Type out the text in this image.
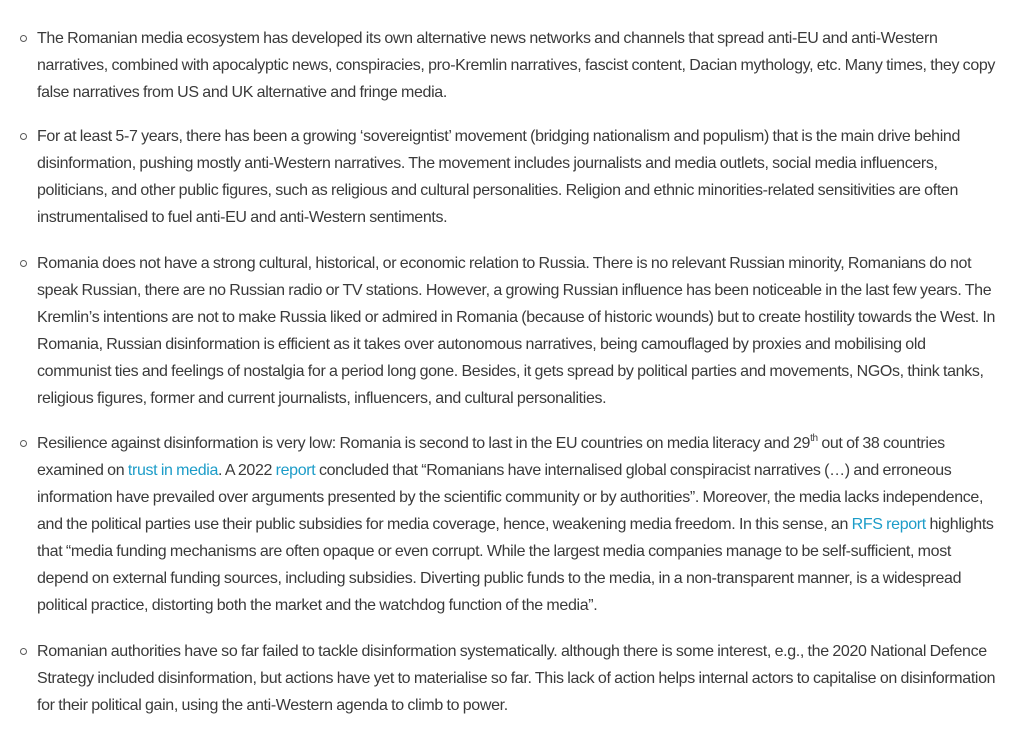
The Romanian media ecosystem has developed its own alternative news networks and channels that spread anti-EU and anti-Western narratives, combined with apocalyptic news, conspiracies, pro-Kremlin narratives, fascist content, Dacian mythology, etc. Many times, they copy false narratives from US and UK alternative and fringe media.
For at least 5-7 years, there has been a growing ‘sovereigntist’ movement (bridging nationalism and populism) that is the main drive behind disinformation, pushing mostly anti-Western narratives. The movement includes journalists and media outlets, social media influencers, politicians, and other public figures, such as religious and cultural personalities. Religion and ethnic minorities-related sensitivities are often instrumentalised to fuel anti-EU and anti-Western sentiments.
Romania does not have a strong cultural, historical, or economic relation to Russia. There is no relevant Russian minority, Romanians do not speak Russian, there are no Russian radio or TV stations. However, a growing Russian influence has been noticeable in the last few years. The Kremlin’s intentions are not to make Russia liked or admired in Romania (because of historic wounds) but to create hostility towards the West. In Romania, Russian disinformation is efficient as it takes over autonomous narratives, being camouflaged by proxies and mobilising old communist ties and feelings of nostalgia for a period long gone. Besides, it gets spread by political parties and movements, NGOs, think tanks, religious figures, former and current journalists, influencers, and cultural personalities.
Resilience against disinformation is very low: Romania is second to last in the EU countries on media literacy and 29th out of 38 countries examined on trust in media. A 2022 report concluded that “Romanians have internalised global conspiracist narratives (…) and erroneous information have prevailed over arguments presented by the scientific community or by authorities”. Moreover, the media lacks independence, and the political parties use their public subsidies for media coverage, hence, weakening media freedom. In this sense, an RFS report highlights that “media funding mechanisms are often opaque or even corrupt. While the largest media companies manage to be self-sufficient, most depend on external funding sources, including subsidies. Diverting public funds to the media, in a non-transparent manner, is a widespread political practice, distorting both the market and the watchdog function of the media”.
Romanian authorities have so far failed to tackle disinformation systematically. although there is some interest, e.g., the 2020 National Defence Strategy included disinformation, but actions have yet to materialise so far. This lack of action helps internal actors to capitalise on disinformation for their political gain, using the anti-Western agenda to climb to power.
